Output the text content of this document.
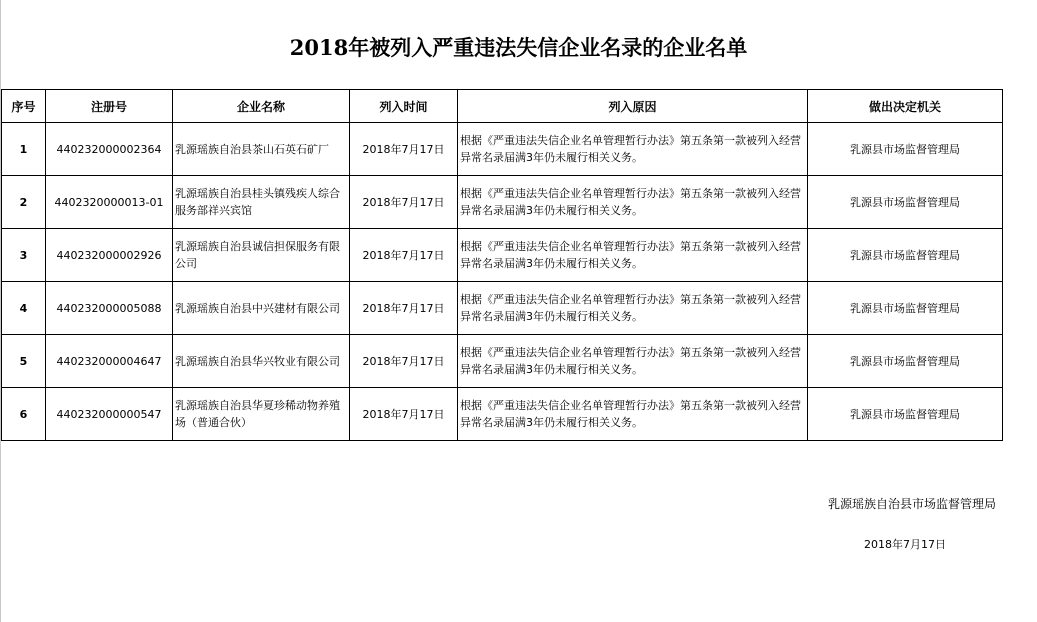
2018年被列入严重违法失信企业名录的企业名单
序号	注册号	企业名称	列入时间	列入原因	做出决定机关
1	440232000002364	乳源瑶族自治县茶山石英石矿厂	2018年7月17日	根据《严重违法失信企业名单管理暂行办法》第五条第一款被列入经营异常名录届满3年仍未履行相关义务。	乳源县市场监督管理局
2	4402320000013-01	乳源瑶族自治县桂头镇残疾人综合服务部祥兴宾馆	2018年7月17日	根据《严重违法失信企业名单管理暂行办法》第五条第一款被列入经营异常名录届满3年仍未履行相关义务。	乳源县市场监督管理局
3	440232000002926	乳源瑶族自治县诚信担保服务有限公司	2018年7月17日	根据《严重违法失信企业名单管理暂行办法》第五条第一款被列入经营异常名录届满3年仍未履行相关义务。	乳源县市场监督管理局
4	440232000005088	乳源瑶族自治县中兴建材有限公司	2018年7月17日	根据《严重违法失信企业名单管理暂行办法》第五条第一款被列入经营异常名录届满3年仍未履行相关义务。	乳源县市场监督管理局
5	440232000004647	乳源瑶族自治县华兴牧业有限公司	2018年7月17日	根据《严重违法失信企业名单管理暂行办法》第五条第一款被列入经营异常名录届满3年仍未履行相关义务。	乳源县市场监督管理局
6	440232000000547	乳源瑶族自治县华夏珍稀动物养殖场（普通合伙）	2018年7月17日	根据《严重违法失信企业名单管理暂行办法》第五条第一款被列入经营异常名录届满3年仍未履行相关义务。	乳源县市场监督管理局
乳源瑶族自治县市场监督管理局
2018年7月17日
